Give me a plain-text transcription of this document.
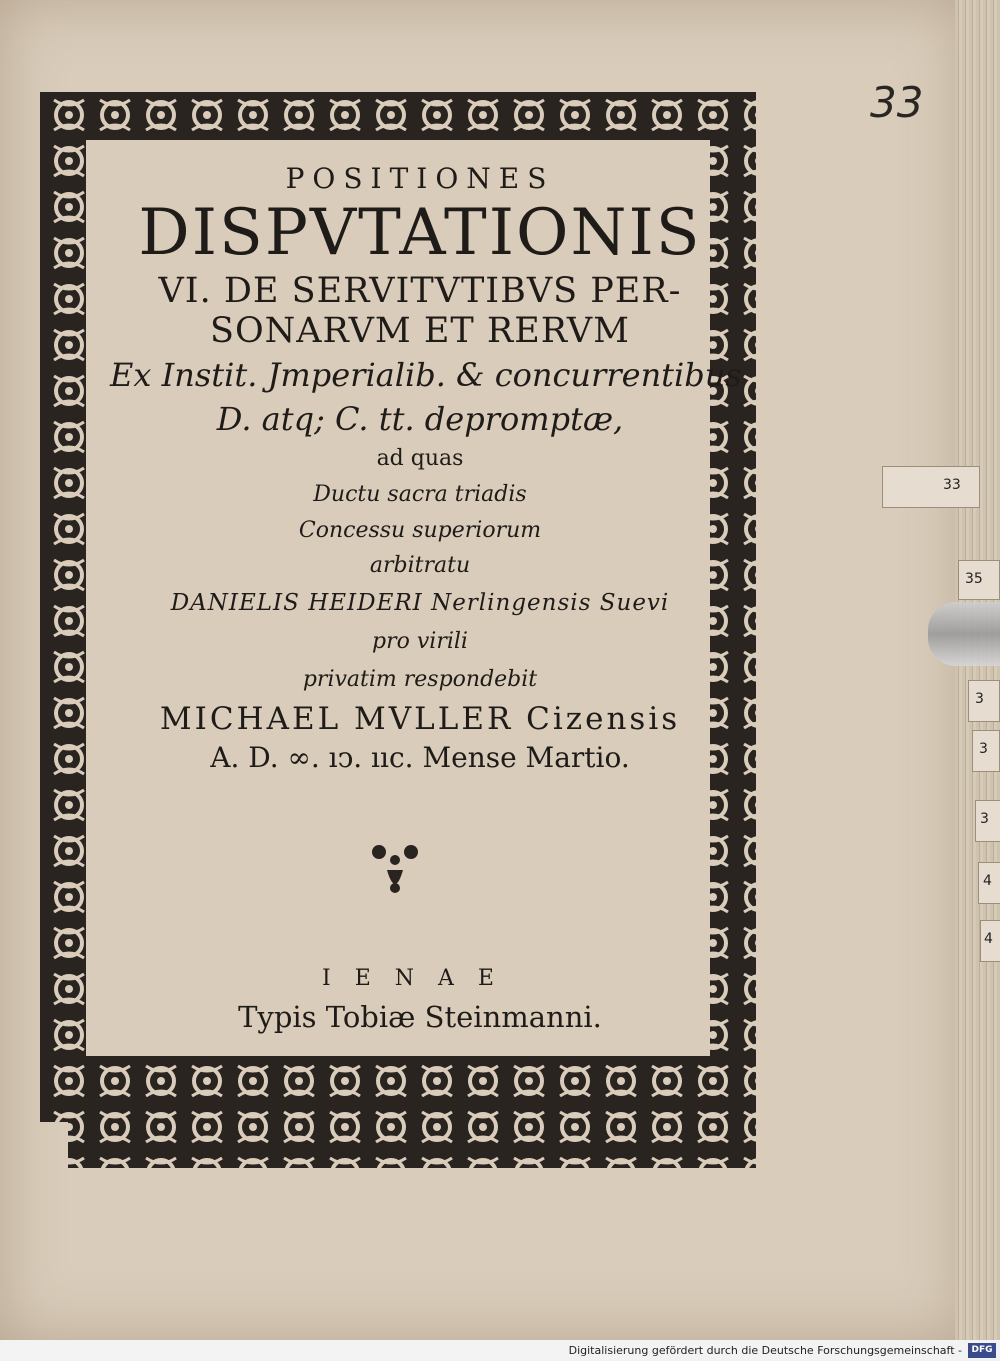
33
35
3
3
3
4
4
33
POSITIONES
DISPVTATIONIS
VI. DE SERVITVTIBVS PER-
SONARVM ET RERVM
Ex Instit. Jmperialib. & concurrentibus
D. atq; C. tt. depromptæ,
ad quas
Ductu sacra triadis
Concessu superiorum
arbitratu
DANIELIS HEIDERI Nerlingensis Suevi
pro virili
privatim respondebit
MICHAEL MVLLER Cizensis
A. D. ∞. ıↄ. ııc. Mense Martio.
IENAE
Typis Tobiæ Steinmanni.
Digitalisierung gefördert durch die Deutsche Forschungsgemeinschaft -	DFG
